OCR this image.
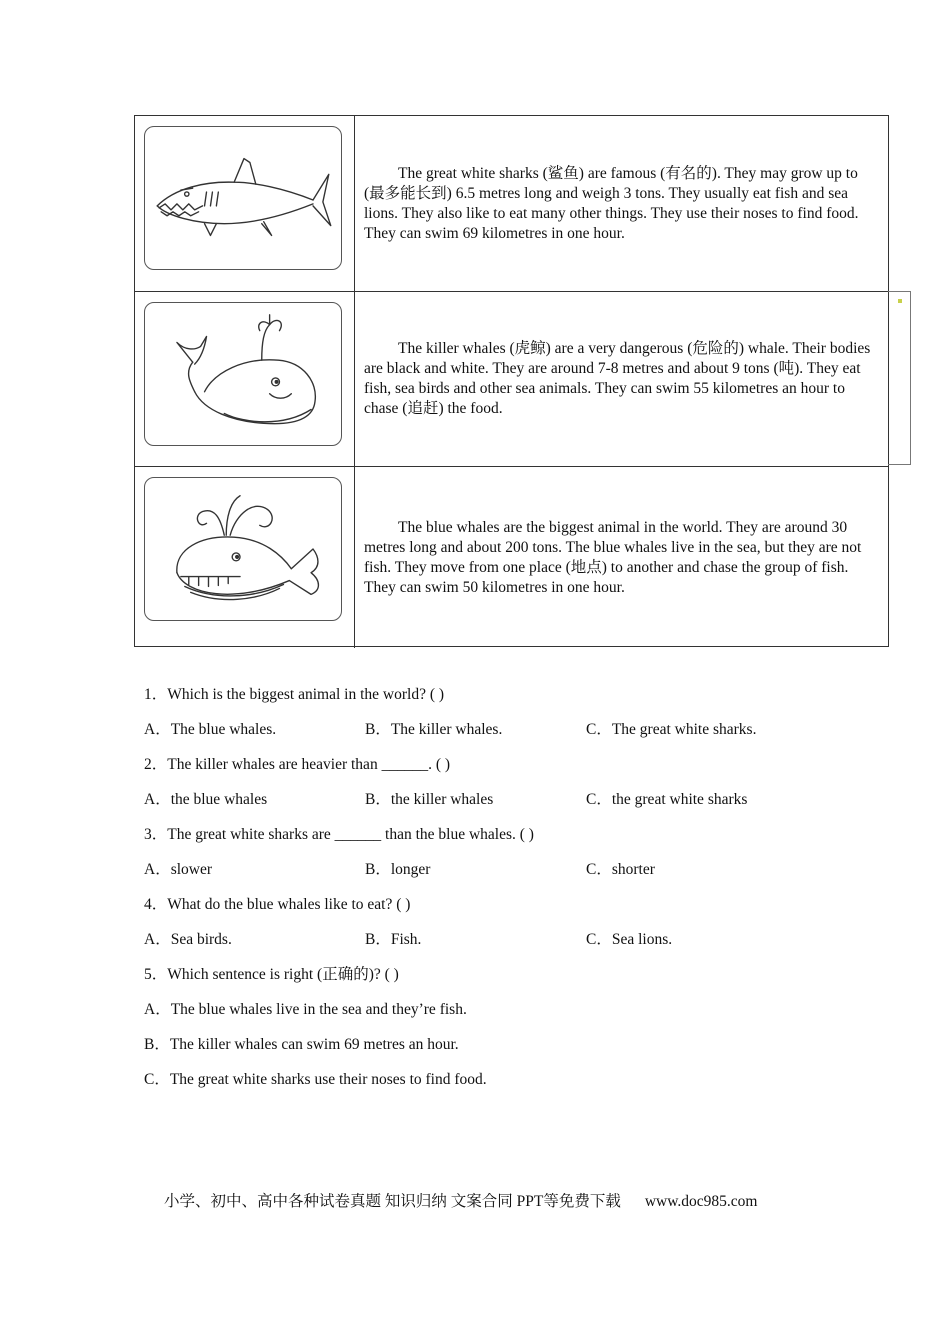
The great white sharks (鲨鱼) are famous (有名的). They may grow up to (最多能长到) 6.5 metres long and weigh 3 tons. They usually eat fish and sea lions. They also like to eat many other things. They use their noses to find food. They can swim 69 kilometres in one hour.

The killer whales (虎鲸) are a very dangerous (危险的) whale. Their bodies are black and white. They are around 7-8 metres and about 9 tons (吨). They eat fish, sea birds and other sea animals. They can swim 55 kilometres an hour to chase (追赶) the food.

The blue whales are the biggest animal in the world. They are around 30 metres long and about 200 tons. The blue whales live in the sea, but they are not fish. They move from one place (地点) to another and chase the group of fish. They can swim 50 kilometres in one hour.

1．Which is the biggest animal in the world? ( )
A．The blue whales.	B．The killer whales.	C．The great white sharks.
2．The killer whales are heavier than ______. ( )
A．the blue whales	B．the killer whales	C．the great white sharks
3．The great white sharks are ______ than the blue whales. ( )
A．slower	B．longer	C．shorter
4．What do the blue whales like to eat? ( )
A．Sea birds.	B．Fish.	C．Sea lions.
5．Which sentence is right (正确的)? ( )
A．The blue whales live in the sea and they’re fish.
B．The killer whales can swim 69 metres an hour.
C．The great white sharks use their noses to find food.
小学、初中、高中各种试卷真题 知识归纳 文案合同 PPT等免费下载 www.doc985.com
